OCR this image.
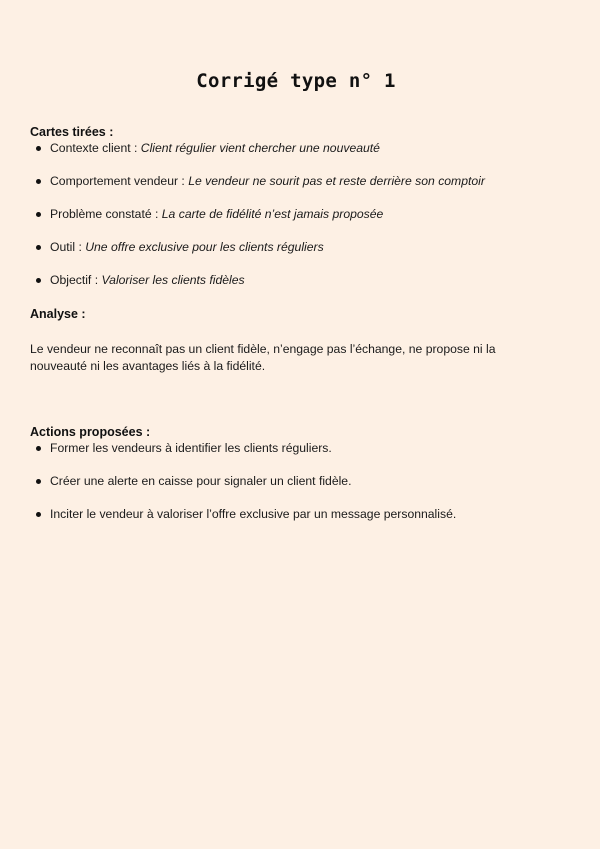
Corrigé type n° 1
Cartes tirées :
Contexte client : Client régulier vient chercher une nouveauté
Comportement vendeur : Le vendeur ne sourit pas et reste derrière son comptoir
Problème constaté : La carte de fidélité n’est jamais proposée
Outil : Une offre exclusive pour les clients réguliers
Objectif : Valoriser les clients fidèles
Analyse :

Le vendeur ne reconnaît pas un client fidèle, n’engage pas l’échange, ne propose ni la nouveauté ni les avantages liés à la fidélité.

Actions proposées :
Former les vendeurs à identifier les clients réguliers.
Créer une alerte en caisse pour signaler un client fidèle.
Inciter le vendeur à valoriser l’offre exclusive par un message personnalisé.
